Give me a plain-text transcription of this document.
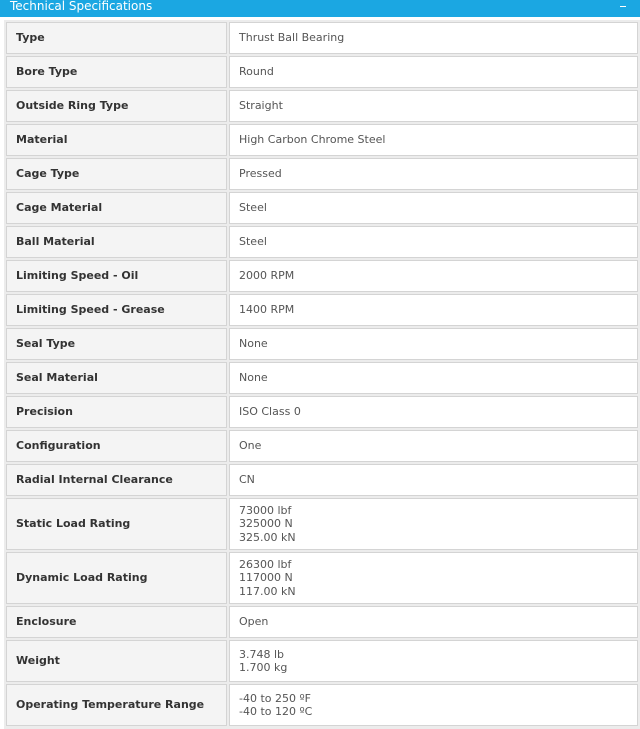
Technical Specifications
Type	Thrust Ball Bearing

Bore Type	Round

Outside Ring Type	Straight

Material	High Carbon Chrome Steel

Cage Type	Pressed

Cage Material	Steel

Ball Material	Steel

Limiting Speed - Oil	2000 RPM

Limiting Speed - Grease	1400 RPM

Seal Type	None

Seal Material	None

Precision	ISO Class 0

Configuration	One

Radial Internal Clearance	CN

Static Load Rating	73000 lbf
325000 N
325.00 kN

Dynamic Load Rating	26300 lbf
117000 N
117.00 kN

Enclosure	Open

Weight	3.748 lb
1.700 kg

Operating Temperature Range	-40 to 250 ºF
-40 to 120 ºC
